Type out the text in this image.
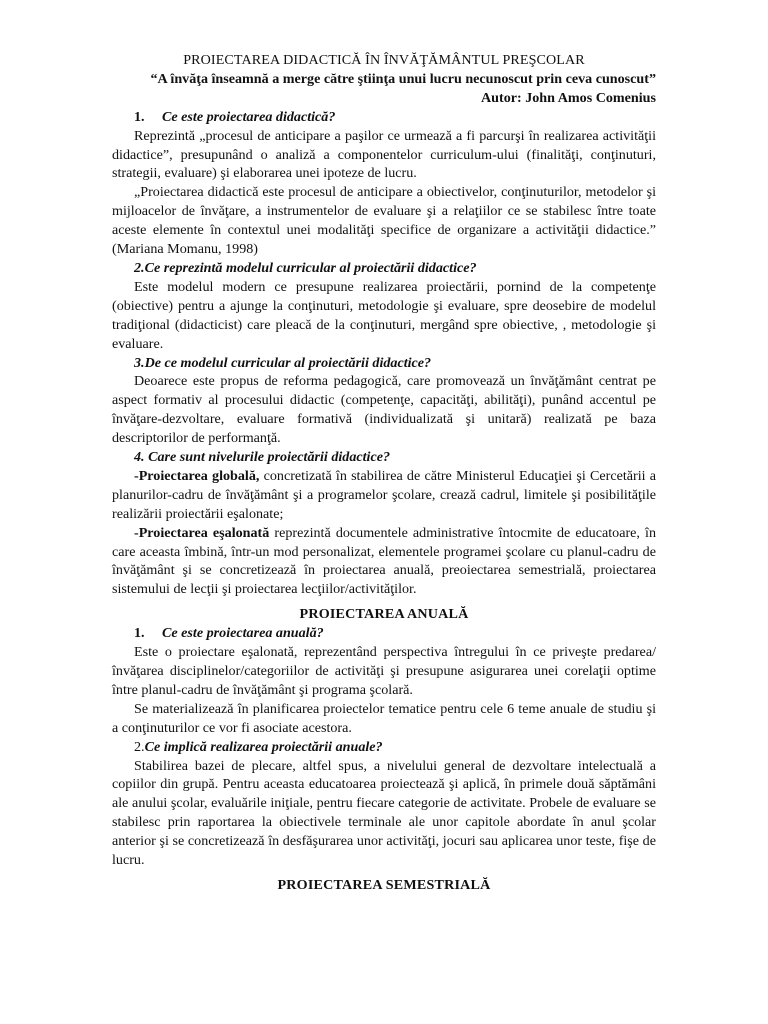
PROIECTAREA DIDACTICĂ ÎN ÎNVĂŢĂMÂNTUL PREŞCOLAR
“A învăţa înseamnă a merge către ştiinţa unui lucru necunoscut prin ceva cunoscut”
Autor: John Amos Comenius
1. Ce este proiectarea didactică?

Reprezintă „procesul de anticipare a paşilor ce urmează a fi parcurşi în realizarea activităţii didactice”, presupunând o analiză a componentelor curriculum-ului (finalităţi, conţinuturi, strategii, evaluare) şi elaborarea unei ipoteze de lucru.

„Proiectarea didactică este procesul de anticipare a obiectivelor, conţinuturilor, metodelor şi mijloacelor de învăţare, a instrumentelor de evaluare şi a relaţiilor ce se stabilesc între toate aceste elemente în contextul unei modalităţi specifice de organizare a activităţii didactice.” (Mariana Momanu, 1998)

2.Ce reprezintă modelul curricular al proiectării didactice?

Este modelul modern ce presupune realizarea proiectării, pornind de la competenţe (obiective) pentru a ajunge la conţinuturi, metodologie şi evaluare, spre deosebire de modelul tradiţional (didacticist) care pleacă de la conţinuturi, mergând spre obiective, , metodologie şi evaluare.

3.De ce modelul curricular al proiectării didactice?

Deoarece este propus de reforma pedagogică, care promovează un învăţământ centrat pe aspect formativ al procesului didactic (competenţe, capacităţi, abilităţi), punând accentul pe învăţare-dezvoltare, evaluare formativă (individualizată şi unitară) realizată pe baza descriptorilor de performanţă.

4. Care sunt nivelurile proiectării didactice?

-Proiectarea globală, concretizată în stabilirea de către Ministerul Educaţiei şi Cercetării a planurilor-cadru de învăţământ şi a programelor şcolare, crează cadrul, limitele şi posibilităţile realizării proiectării eşalonate;

-Proiectarea eşalonată reprezintă documentele administrative întocmite de educatoare, în care aceasta îmbină, într-un mod personalizat, elementele programei şcolare cu planul-cadru de învăţământ şi se concretizează în proiectarea anuală, preoiectarea semestrială, proiectarea sistemului de lecţii şi proiectarea lecţiilor/activităţilor.

PROIECTAREA ANUALĂ
1. Ce este proiectarea anuală?

Este o proiectare eşalonată, reprezentând perspectiva întregului în ce priveşte predarea/învăţarea disciplinelor/categoriilor de activităţi şi presupune asigurarea unei corelaţii optime între planul-cadru de învăţământ şi programa şcolară.

Se materializează în planificarea proiectelor tematice pentru cele 6 teme anuale de studiu şi a conţinuturilor ce vor fi asociate acestora.

2.Ce implică realizarea proiectării anuale?

Stabilirea bazei de plecare, altfel spus, a nivelului general de dezvoltare intelectuală a copiilor din grupă. Pentru aceasta educatoarea proiectează şi aplică, în primele două săptămâni ale anului şcolar, evaluările iniţiale, pentru fiecare categorie de activitate. Probele de evaluare se stabilesc prin raportarea la obiectivele terminale ale unor capitole abordate în anul şcolar anterior şi se concretizează în desfăşurarea unor activităţi, jocuri sau aplicarea unor teste, fişe de lucru.

PROIECTAREA SEMESTRIALĂ
